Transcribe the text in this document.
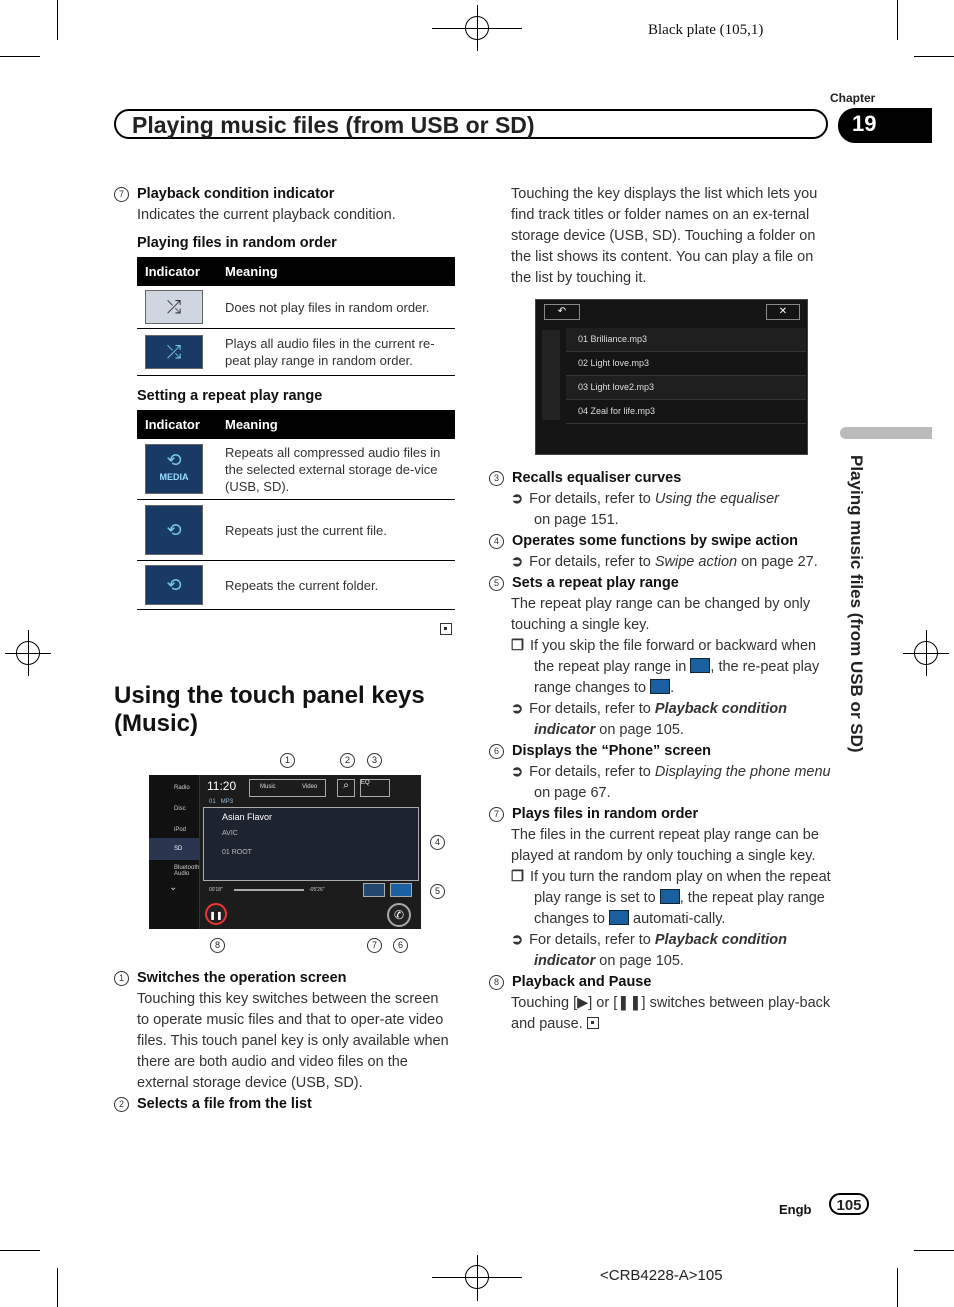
Black plate (105,1)
Chapter
Playing music files (from USB or SD)	19
Playing music files (from USB or SD)
7 Playback condition indicator
Indicates the current playback condition.
Playing files in random order
Indicator	Meaning

⤮	Does not play files in random order.

⤮	Plays all audio files in the current re-peat play range in random order.
Setting a repeat play range
Indicator	Meaning

⟲
MEDIA	Repeats all compressed audio files in the selected external storage de-vice (USB, SD).

⟲	Repeats just the current file.

⟲	Repeats the current folder.
Using the touch panel keys
(Music)
1	2	3
4
5
8	7	6
Radio
Disc
iPod
SD
Bluetooth Audio
⌄
11:20	Music	Video	⌕	EQ
01 MP3
Asian Flavor
AVIC
01 ROOT
00'18"	-05'26"
❚❚	✆
1 Switches the operation screen
Touching this key switches between the screen to operate music files and that to oper-ate video files. This touch panel key is only available when there are both audio and video files on the external storage device (USB, SD).
2 Selects a file from the list
Touching the key displays the list which lets you find track titles or folder names on an ex-ternal storage device (USB, SD). Touching a folder on the list shows its content. You can play a file on the list by touching it.
↶	✕
01 Brilliance.mp3
02 Light love.mp3
03 Light love2.mp3
04 Zeal for life.mp3
3 Recalls equaliser curves
➲ For details, refer to Using the equaliser
on page 151.
4 Operates some functions by swipe action
➲ For details, refer to Swipe action on page 27.
5 Sets a repeat play range
The repeat play range can be changed by only touching a single key.
❐ If you skip the file forward or backward when the repeat play range in , the re-peat play range changes to .
➲ For details, refer to Playback condition indicator on page 105.
6 Displays the “Phone” screen
➲ For details, refer to Displaying the phone menu on page 67.
7 Plays files in random order
The files in the current repeat play range can be played at random by only touching a single key.
❐ If you turn the random play on when the repeat play range is set to , the repeat play range changes to  automati-cally.
➲ For details, refer to Playback condition indicator on page 105.
8 Playback and Pause
Touching [▶] or [❚❚] switches between play-back and pause.
Engb	105
<CRB4228-A>105
